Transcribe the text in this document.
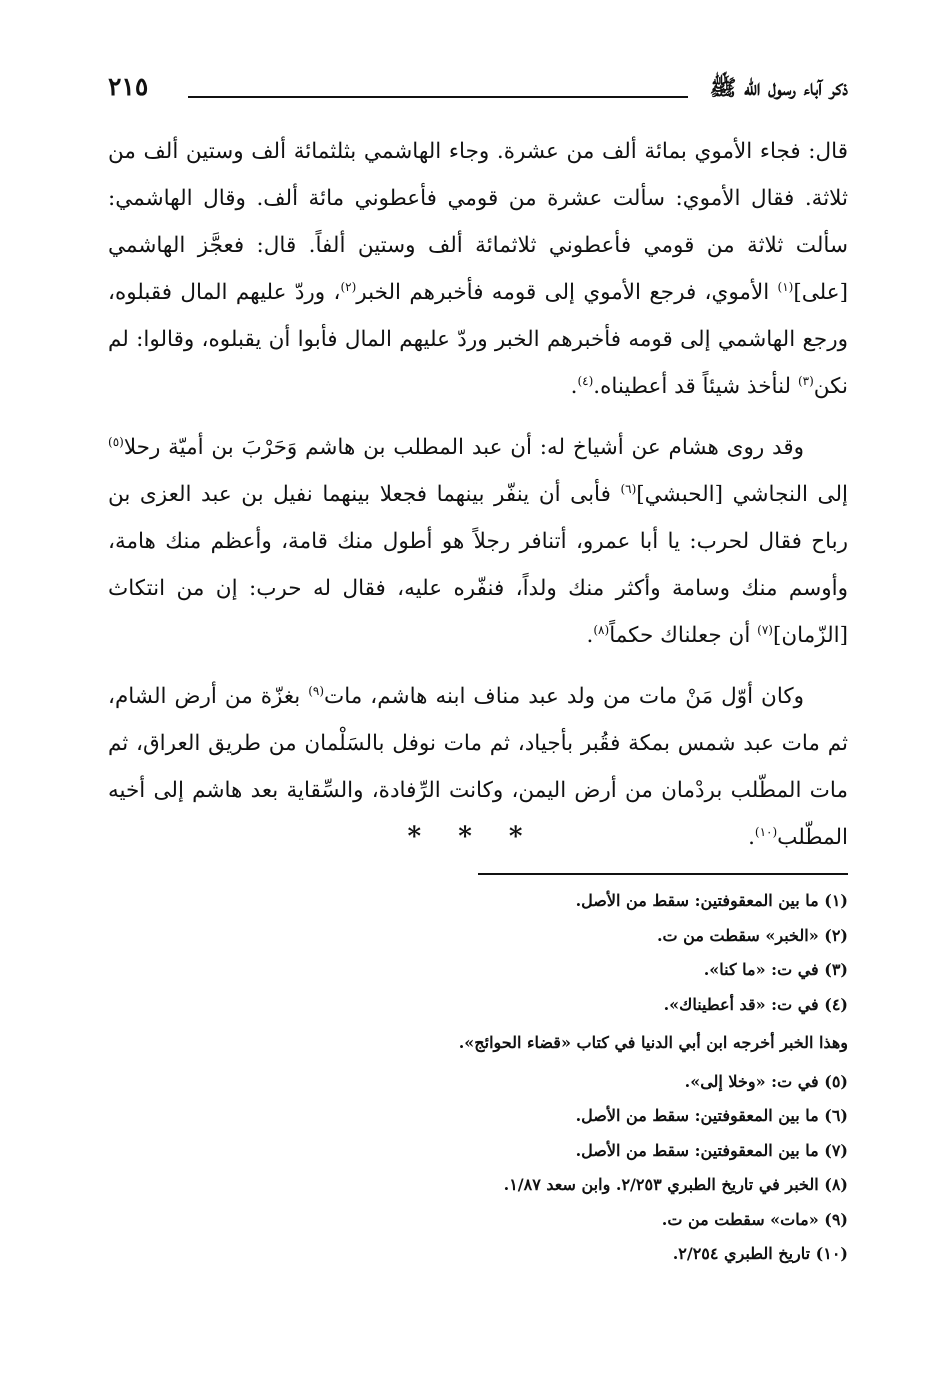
ذكر آباء رسول الله ﷺ
٢١٥

قال: فجاء الأموي بمائة ألف من عشرة. وجاء الهاشمي بثلثمائة ألف وستين ألف من ثلاثة. فقال الأموي: سألت عشرة من قومي فأعطوني مائة ألف. وقال الهاشمي: سألت ثلاثة من قومي فأعطوني ثلاثمائة ألف وستين ألفاً. قال: فعجَّز الهاشمي [على]$^{(١)}$ الأموي، فرجع الأموي إلى قومه فأخبرهم الخبر$^{(٢)}$، وردّ عليهم المال فقبلوه، ورجع الهاشمي إلى قومه فأخبرهم الخبر وردّ عليهم المال فأبوا أن يقبلوه، وقالوا: لم نكن$^{(٣)}$ لنأخذ شيئاً قد أعطيناه.$^{(٤)}$.

وقد روى هشام عن أشياخ له: أن عبد المطلب بن هاشم وَحَرْبَ بن أميّة رحلا$^{(٥)}$ إلى النجاشي [الحبشي]$^{(٦)}$ فأبى أن ينفّر بينهما فجعلا بينهما نفيل بن عبد العزى بن رباح فقال لحرب: يا أبا عمرو، أتنافر رجلاً هو أطول منك قامة، وأعظم منك هامة، وأوسم منك وسامة وأكثر منك ولداً، فنفّره عليه، فقال له حرب: إن من انتكاث [الزّمان]$^{(٧)}$ أن جعلناك حكماً$^{(٨)}$.

وكان أوّل مَنْ مات من ولد عبد مناف ابنه هاشم، مات$^{(٩)}$ بغزّة من أرض الشام، ثم مات عبد شمس بمكة فقُبر بأجياد، ثم مات نوفل بالسَلْمان من طريق العراق، ثم مات المطّلب بردْمان من أرض اليمن، وكانت الرِّفادة، والسِّقاية بعد هاشم إلى أخيه المطّلب$^{(١٠)}$.

* * *
(١) ما بين المعقوفتين: سقط من الأصل.
(٢) «الخبر» سقطت من ت.
(٣) في ت: «ما كنا».
(٤) في ت: «قد أعطيناك».
وهذا الخبر أخرجه ابن أبي الدنيا في كتاب «قضاء الحوائج».
(٥) في ت: «وخلا إلى».
(٦) ما بين المعقوفتين: سقط من الأصل.
(٧) ما بين المعقوفتين: سقط من الأصل.
(٨) الخبر في تاريخ الطبري ٢/٢٥٣. وابن سعد ١/٨٧.
(٩) «مات» سقطت من ت.
(١٠) تاريخ الطبري ٢/٢٥٤.
